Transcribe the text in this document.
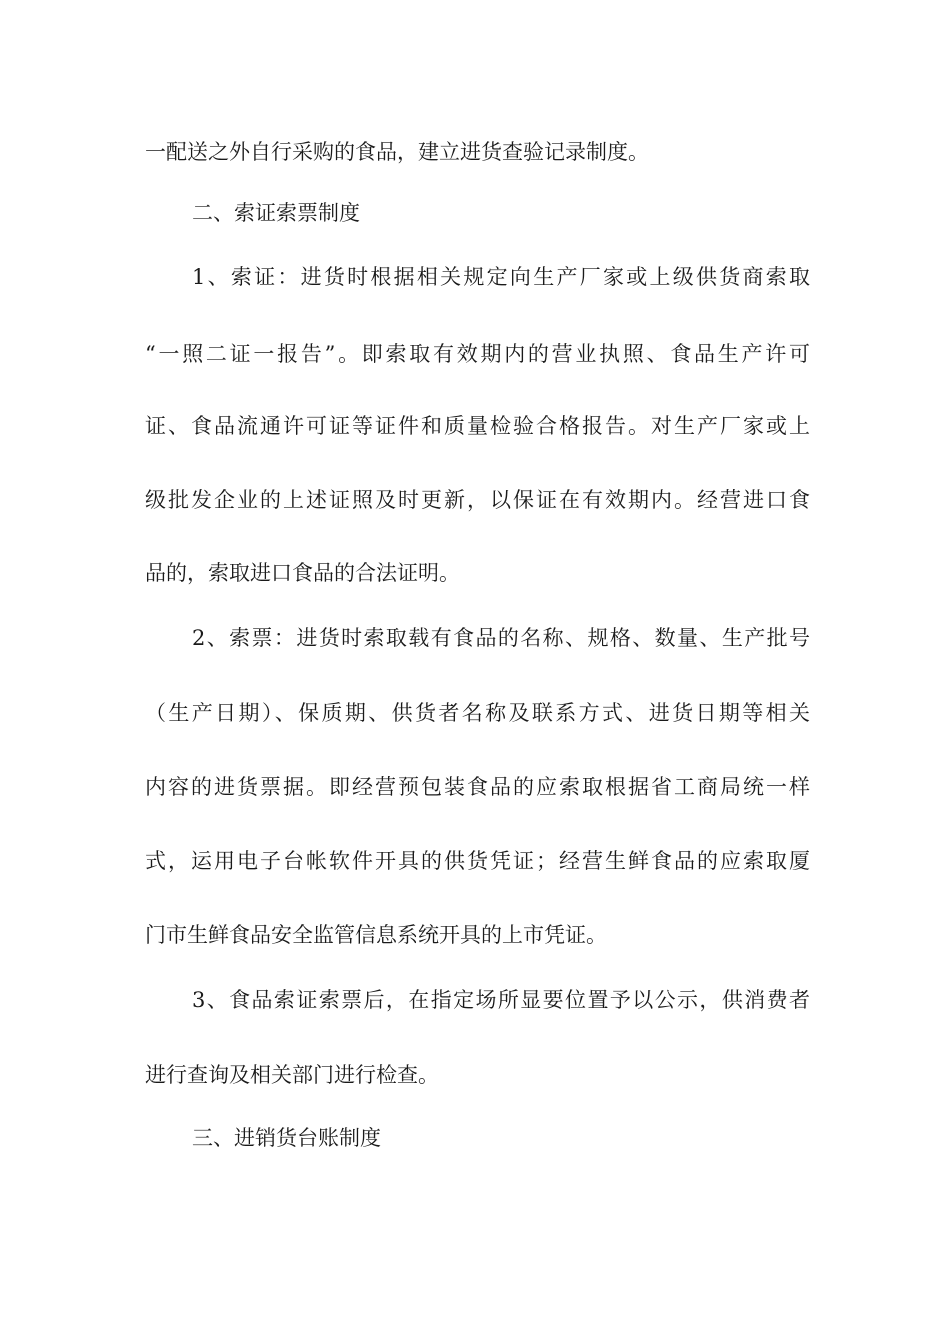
一配送之外自行采购的食品，建立进货查验记录制度。
二、索证索票制度
1、索证：进货时根据相关规定向生产厂家或上级供货商索取
“一照二证一报告”。即索取有效期内的营业执照、食品生产许可
证、食品流通许可证等证件和质量检验合格报告。对生产厂家或上
级批发企业的上述证照及时更新，以保证在有效期内。经营进口食
品的，索取进口食品的合法证明。
2、索票：进货时索取载有食品的名称、规格、数量、生产批号
（生产日期）、保质期、供货者名称及联系方式、进货日期等相关
内容的进货票据。即经营预包装食品的应索取根据省工商局统一样
式，运用电子台帐软件开具的供货凭证；经营生鲜食品的应索取厦
门市生鲜食品安全监管信息系统开具的上市凭证。
3、食品索证索票后，在指定场所显要位置予以公示，供消费者
进行查询及相关部门进行检查。
三、进销货台账制度
